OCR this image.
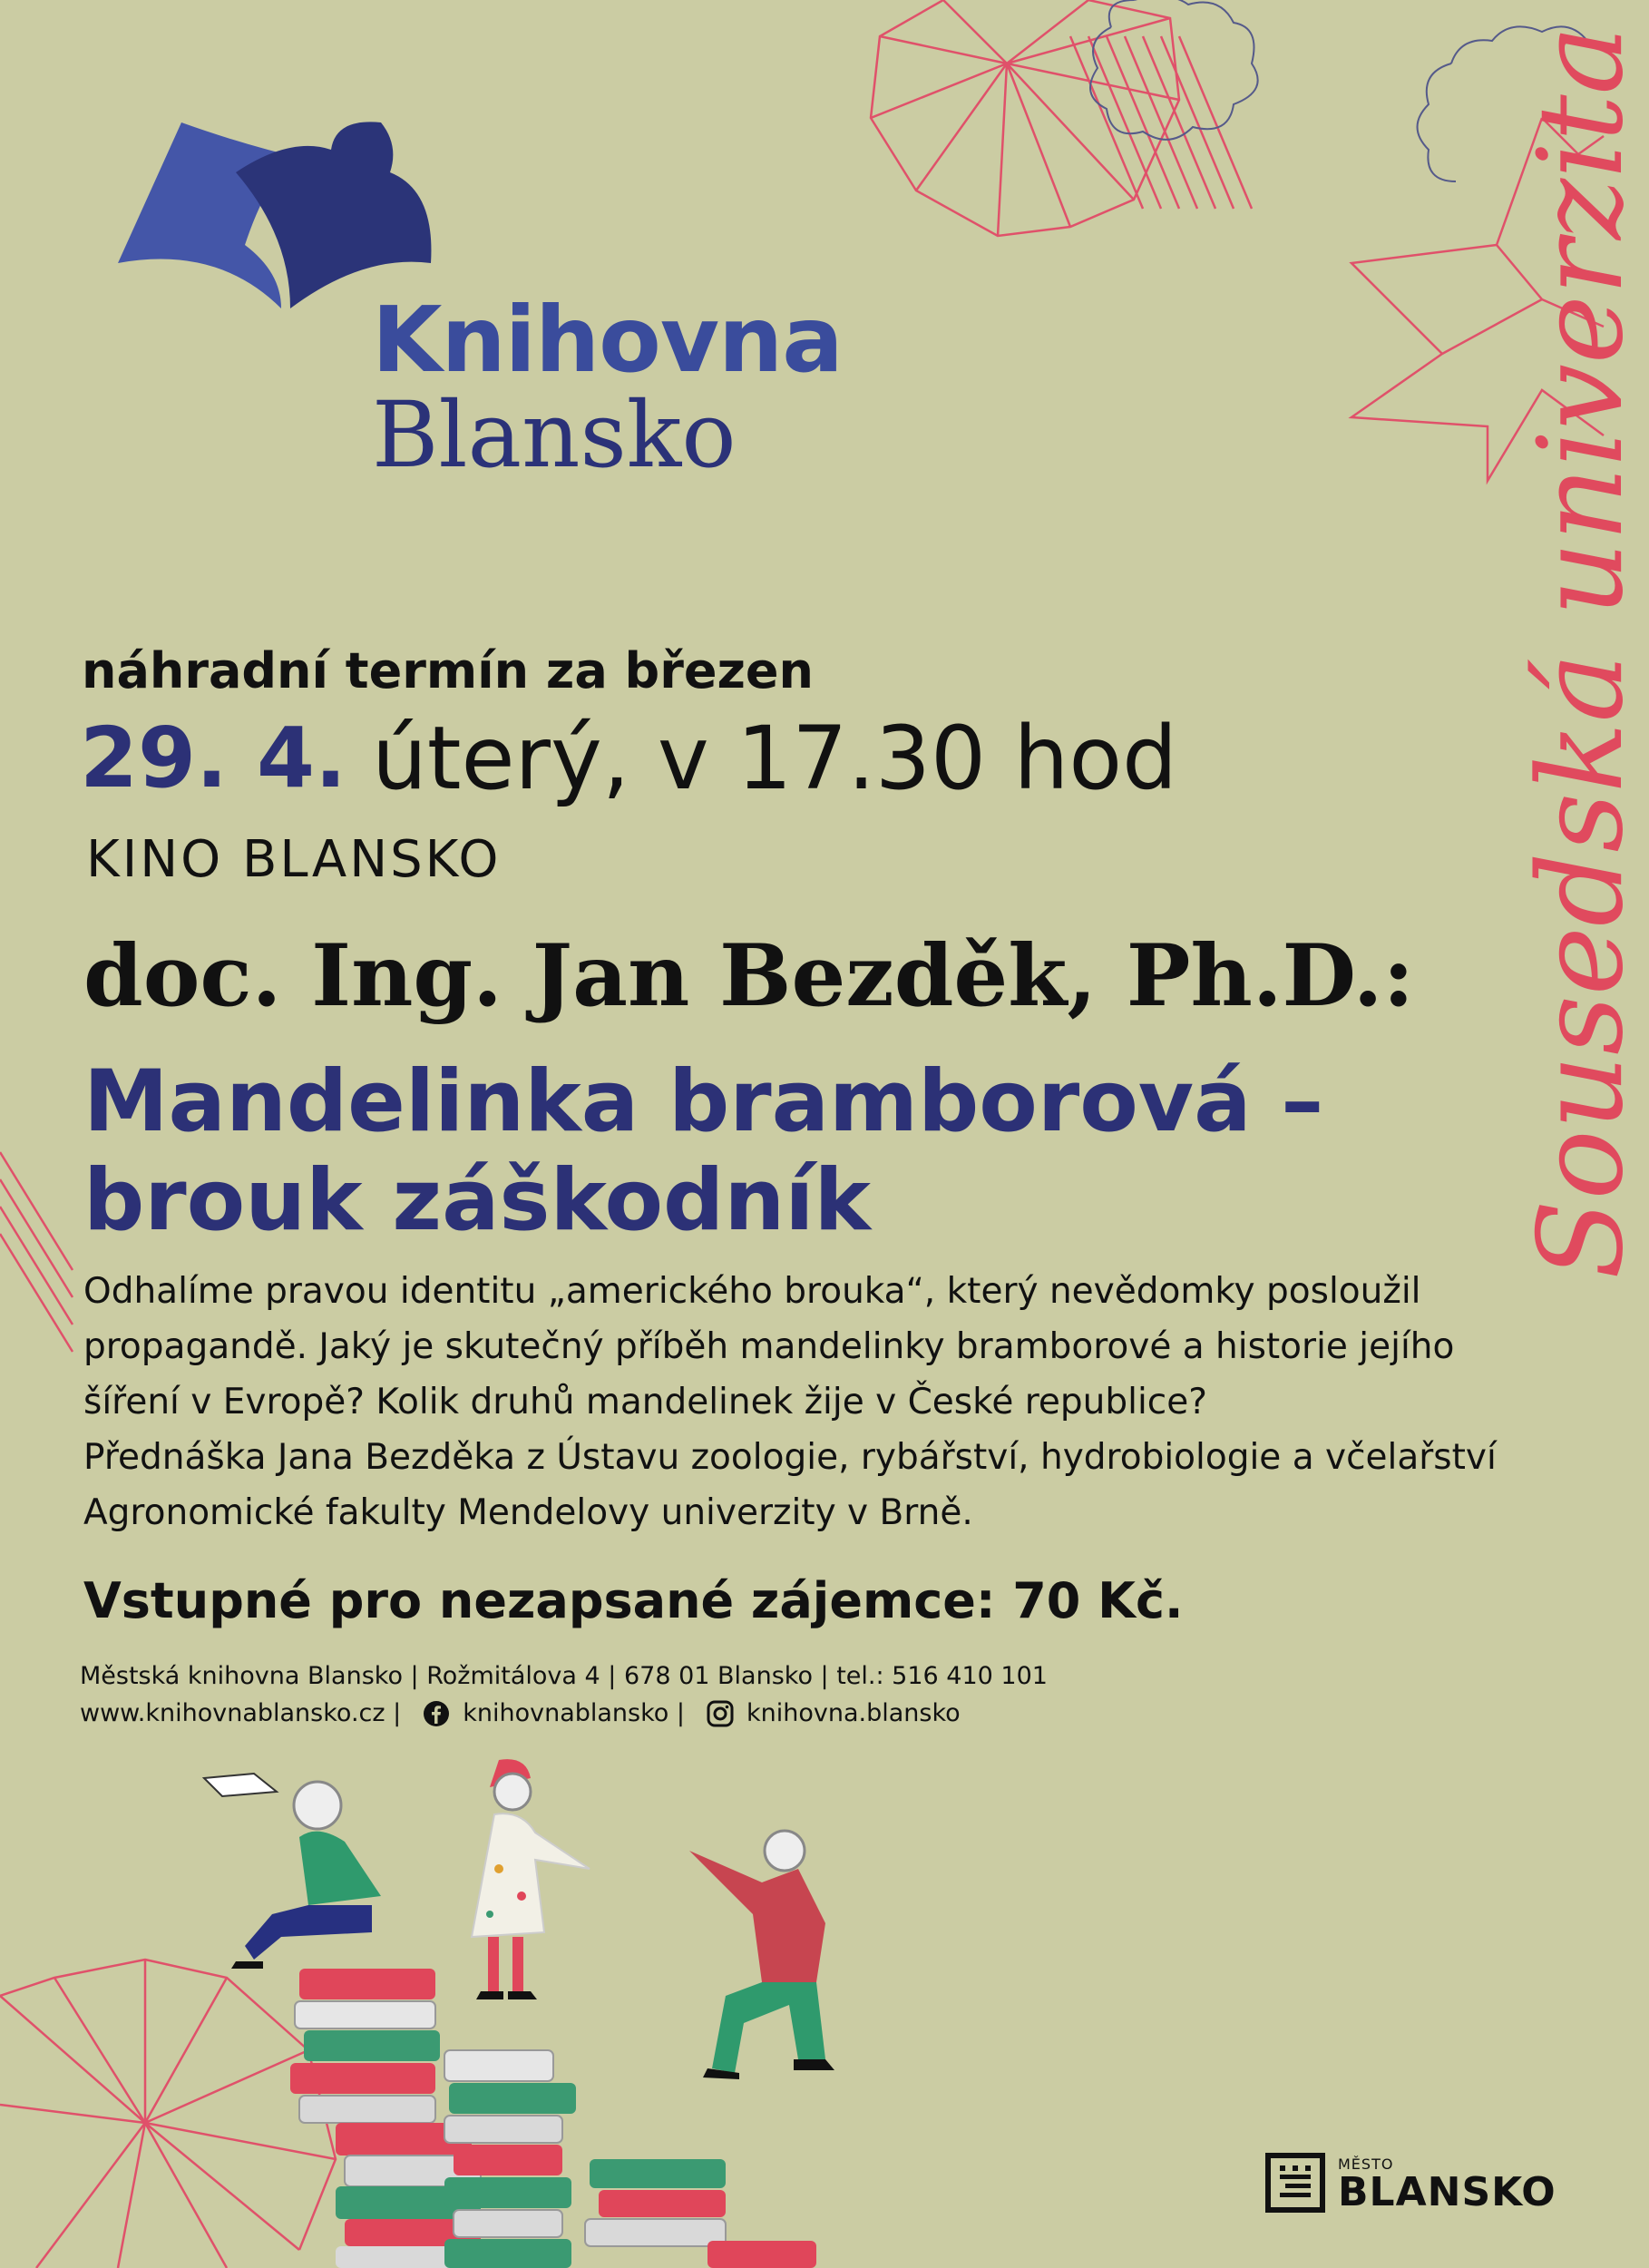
Knihovna
Blansko
náhradní termín za březen
29. 4. úterý, v 17.30 hod
KINO BLANSKO
doc. Ing. Jan Bezděk, Ph.D.:
Mandelinka bramborová –
brouk záškodník

Odhalíme pravou identitu „amerického brouka“, který nevědomky posloužil

propagandě. Jaký je skutečný příběh mandelinky bramborové a historie jejího

šíření v Evropě? Kolik druhů mandelinek žije v České republice?

Přednáška Jana Bezděka z Ústavu zoologie, rybářství, hydrobiologie a včelařství

Agronomické fakulty Mendelovy univerzity v Brně.

Vstupné pro nezapsané zájemce: 70 Kč.
Městská knihovna Blansko | Rožmitálova 4 | 678 01 Blansko | tel.: 516 410 101
www.knihovnablansko.cz |	knihovnablansko |	knihovna.blansko
Sousedská univerzita
MĚSTO
BLANSKO
